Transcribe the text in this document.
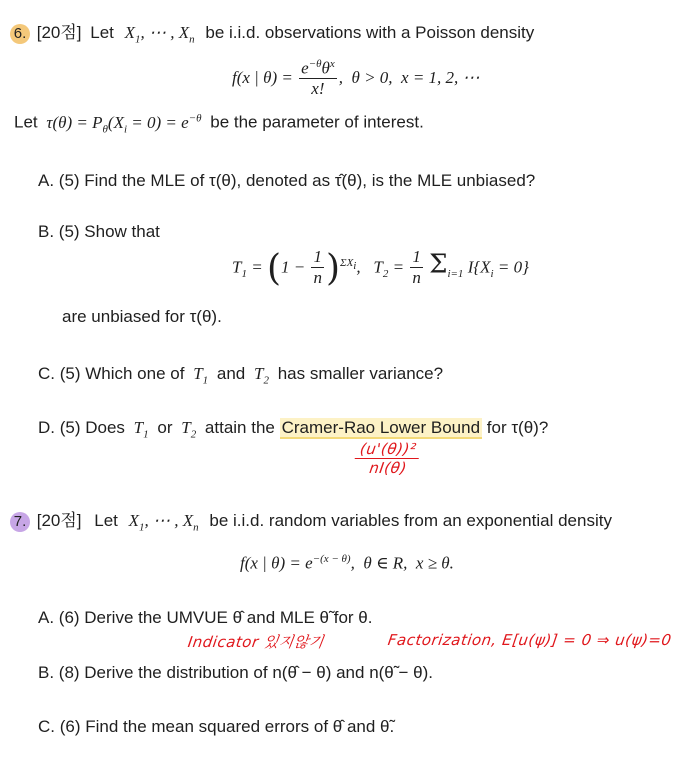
6. [20점] Let $X_1$, ⋯ , $X_n$ be i.i.d. observations with a Poisson density
f(x | $\theta) = \frac{e^{-\theta}\theta^x}{x!}$ ,  θ > 0,  x = 1, 2, ⋯
Let $\tau(\theta) = P_\theta(X_i = 0) = e^{-\theta}$ be the parameter of interest.
A. (5) Find the MLE of τ(θ), denoted as τ̂(θ), is the MLE unbiased?
B. (5) Show that
$T_1 = (1 - \frac{1}{n} )^{\Sigma X_i}$,   $T_2 = \frac{1}{n} \Sigma_{i=1}$ $I\{X_i = 0\}$
are unbiased for τ(θ).
C. (5) Which one of $T_1$ and $T_2$ has smaller variance?
D. (5) Does $T_1$ or $T_2$ attain the Cramer-Rao Lower Bound for τ(θ)?
$\frac{\text{(u'(θ))²}}{nI(\theta)}$
7. [20점] Let $X_1$, ⋯ , $X_n$ be i.i.d. random variables from an exponential density
f(x | $\theta) = e^{-(x - \theta)}$,  θ ∈ R,  x ≥ θ.
A. (6) Derive the UMVUE θ̂ and MLE θ̃ for θ.
Indicator 있지않기	Factorization, E[u(ψ)] = 0 ⇒ u(ψ)=0
B. (8) Derive the distribution of n(θ̂ − θ) and n(θ̃ − θ).
C. (6) Find the mean squared errors of θ̂ and θ̃.
